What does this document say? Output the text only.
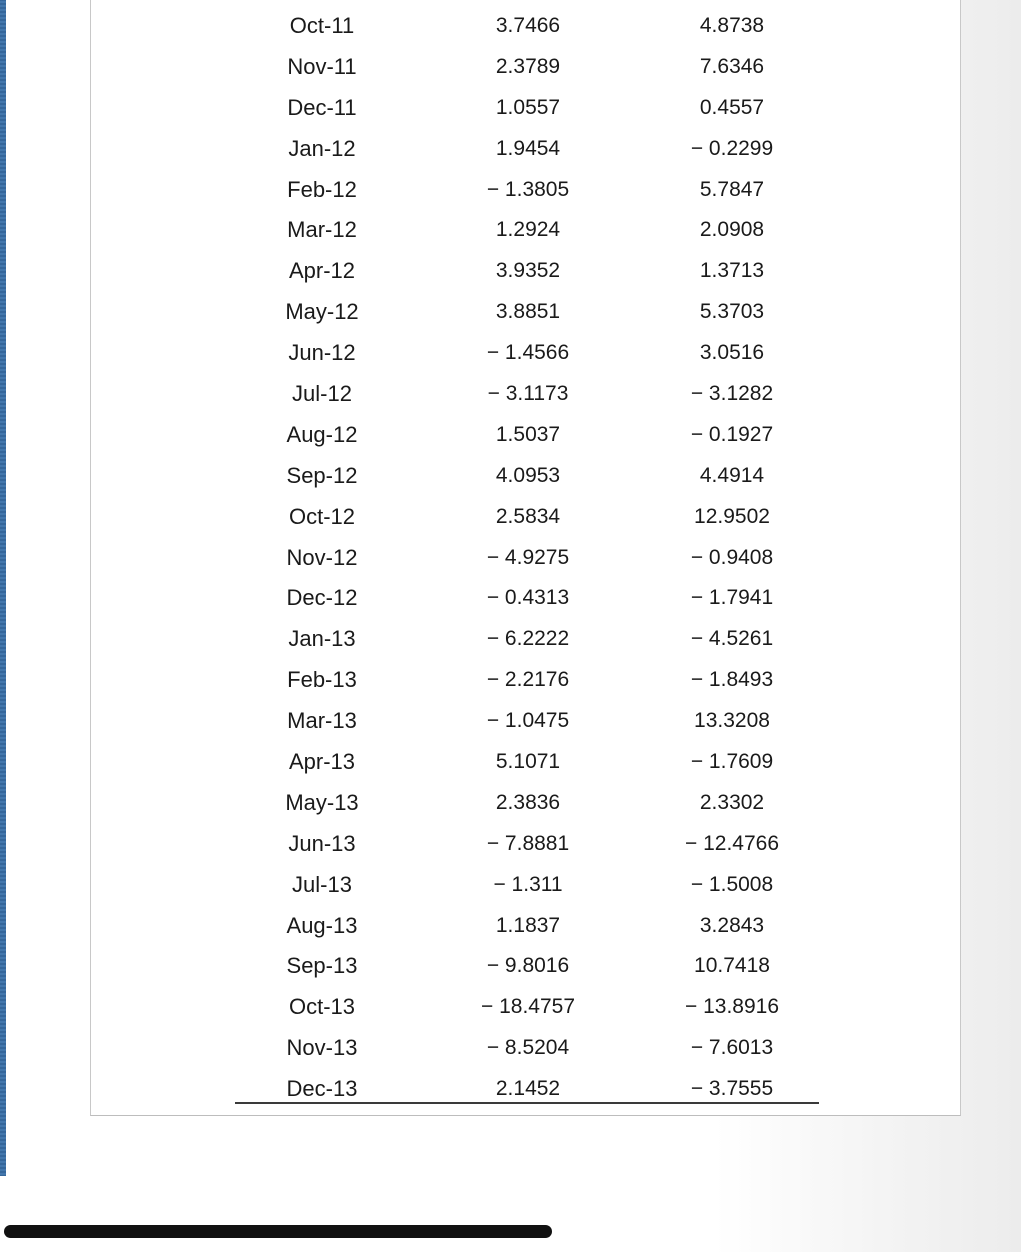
Oct-11	3.7466	4.8738
Nov-11	2.3789	7.6346
Dec-11	1.0557	0.4557
Jan-12	1.9454	− 0.2299
Feb-12	− 1.3805	5.7847
Mar-12	1.2924	2.0908
Apr-12	3.9352	1.3713
May-12	3.8851	5.3703
Jun-12	− 1.4566	3.0516
Jul-12	− 3.1173	− 3.1282
Aug-12	1.5037	− 0.1927
Sep-12	4.0953	4.4914
Oct-12	2.5834	12.9502
Nov-12	− 4.9275	− 0.9408
Dec-12	− 0.4313	− 1.7941
Jan-13	− 6.2222	− 4.5261
Feb-13	− 2.2176	− 1.8493
Mar-13	− 1.0475	13.3208
Apr-13	5.1071	− 1.7609
May-13	2.3836	2.3302
Jun-13	− 7.8881	− 12.4766
Jul-13	− 1.311	− 1.5008
Aug-13	1.1837	3.2843
Sep-13	− 9.8016	10.7418
Oct-13	− 18.4757	− 13.8916
Nov-13	− 8.5204	− 7.6013
Dec-13	2.1452	− 3.7555
